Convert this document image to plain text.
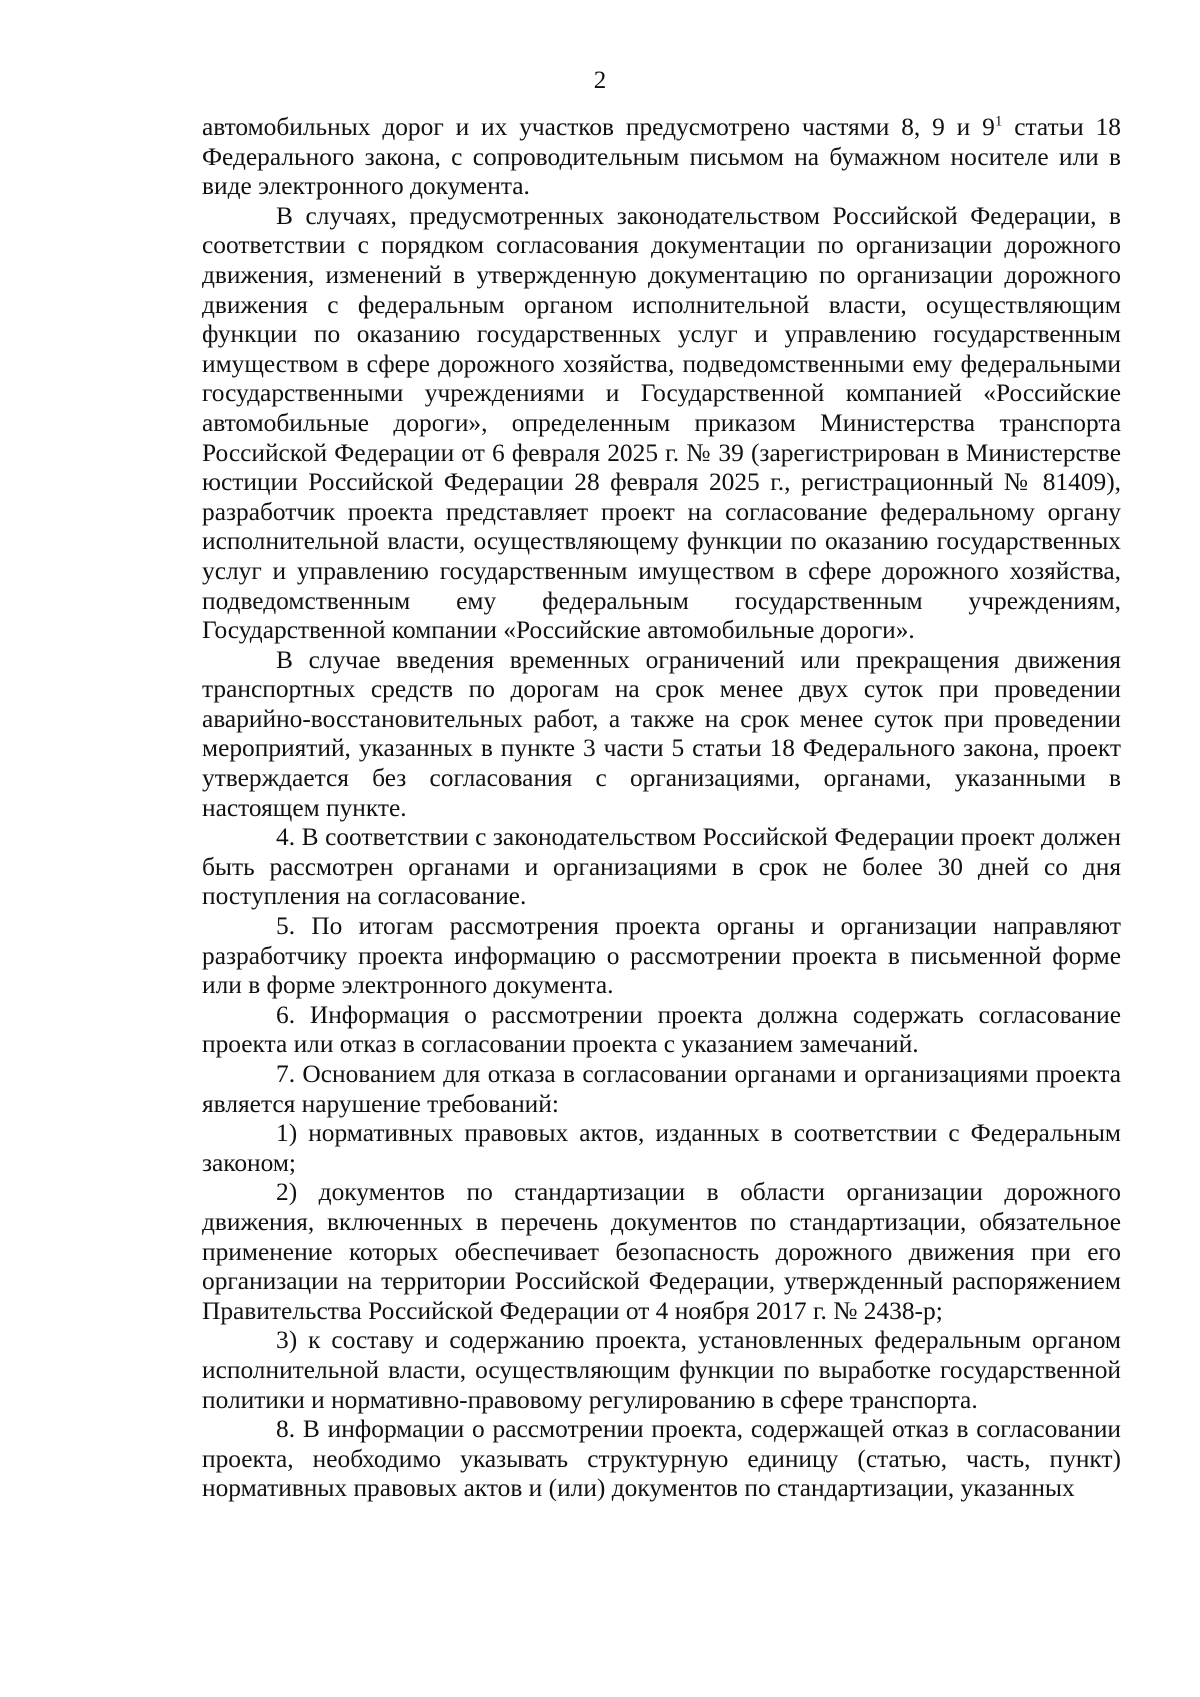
2

автомобильных дорог и их участков предусмотрено частями 8, 9 и $9^1$ статьи 18 Федерального закона, с сопроводительным письмом на бумажном носителе или в виде электронного документа.

В случаях, предусмотренных законодательством Российской Федерации, в соответствии с порядком согласования документации по организации дорожного движения, изменений в утвержденную документацию по организации дорожного движения с федеральным органом исполнительной власти, осуществляющим функции по оказанию государственных услуг и управлению государственным имуществом в сфере дорожного хозяйства, подведомственными ему федеральными государственными учреждениями и Государственной компанией «Российские автомобильные дороги», определенным приказом Министерства транспорта Российской Федерации от 6 февраля 2025 г. № 39 (зарегистрирован в Министерстве юстиции Российской Федерации 28 февраля 2025 г., регистрационный № 81409), разработчик проекта представляет проект на согласование федеральному органу исполнительной власти, осуществляющему функции по оказанию государственных услуг и управлению государственным имуществом в сфере дорожного хозяйства, подведомственным ему федеральным государственным учреждениям, Государственной компании «Российские автомобильные дороги».

В случае введения временных ограничений или прекращения движения транспортных средств по дорогам на срок менее двух суток при проведении аварийно-восстановительных работ, а также на срок менее суток при проведении мероприятий, указанных в пункте 3 части 5 статьи 18 Федерального закона, проект утверждается без согласования с организациями, органами, указанными в настоящем пункте.

4. В соответствии с законодательством Российской Федерации проект должен быть рассмотрен органами и организациями в срок не более 30 дней со дня поступления на согласование.

5. По итогам рассмотрения проекта органы и организации направляют разработчику проекта информацию о рассмотрении проекта в письменной форме или в форме электронного документа.

6. Информация о рассмотрении проекта должна содержать согласование проекта или отказ в согласовании проекта с указанием замечаний.

7. Основанием для отказа в согласовании органами и организациями проекта является нарушение требований:

1) нормативных правовых актов, изданных в соответствии с Федеральным законом;

2) документов по стандартизации в области организации дорожного движения, включенных в перечень документов по стандартизации, обязательное применение которых обеспечивает безопасность дорожного движения при его организации на территории Российской Федерации, утвержденный распоряжением Правительства Российской Федерации от 4 ноября 2017 г. № 2438-р;

3) к составу и содержанию проекта, установленных федеральным органом исполнительной власти, осуществляющим функции по выработке государственной политики и нормативно-правовому регулированию в сфере транспорта.

8. В информации о рассмотрении проекта, содержащей отказ в согласовании проекта, необходимо указывать структурную единицу (статью, часть, пункт) нормативных правовых актов и (или) документов по стандартизации, указанных
